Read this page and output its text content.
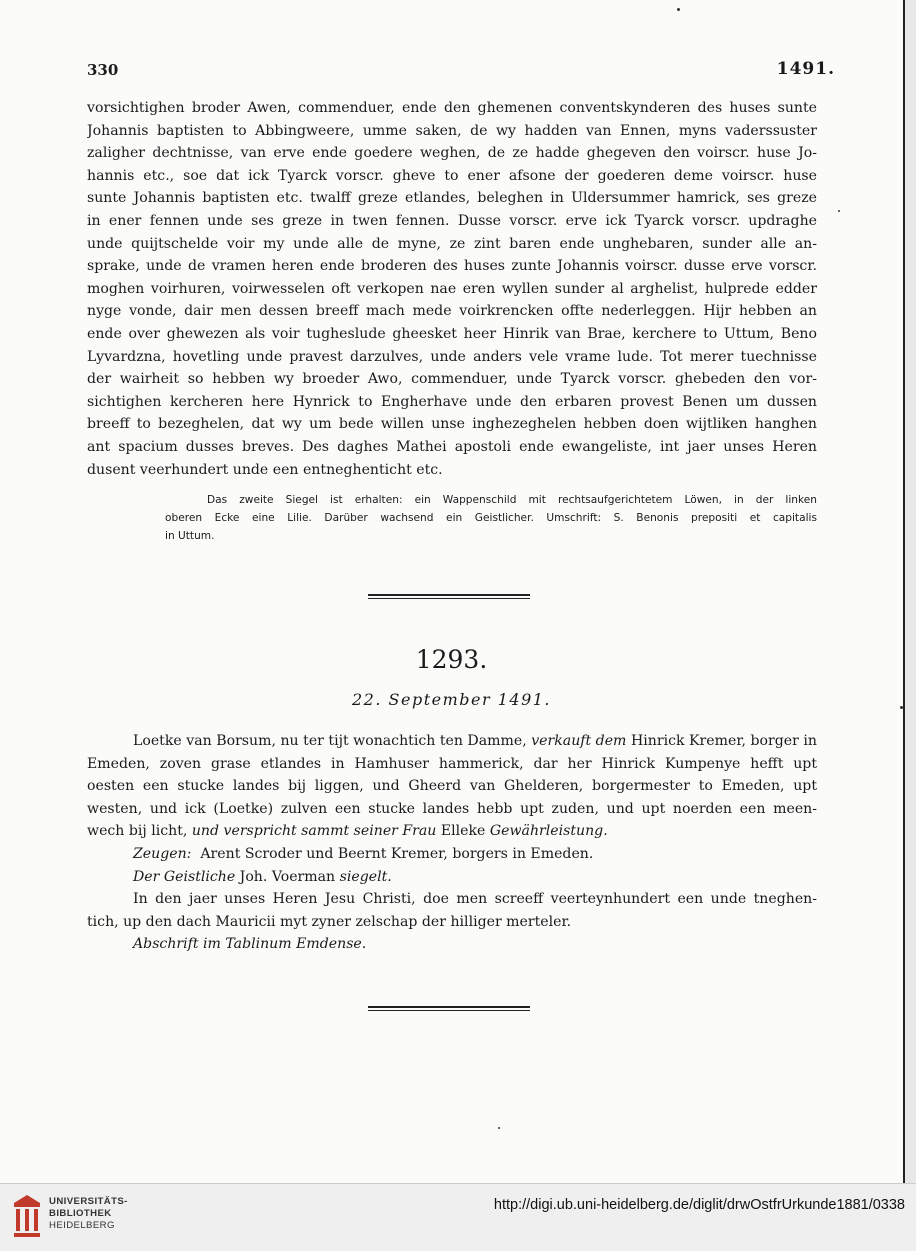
330	1491.
vorsichtighen broder Awen, commenduer, ende den ghemenen conventskynderen des huses sunte
Johannis baptisten to Abbingweere, umme saken, de wy hadden van Ennen, myns vaderssuster
zaligher dechtnisse, van erve ende goedere weghen, de ze hadde ghegeven den voirscr. huse Jo-
hannis etc., soe dat ick Tyarck vorscr. gheve to ener afsone der goederen deme voirscr. huse
sunte Johannis baptisten etc. twalff greze etlandes, beleghen in Uldersummer hamrick, ses greze
in ener fennen unde ses greze in twen fennen. Dusse vorscr. erve ick Tyarck vorscr. updraghe
unde quijtschelde voir my unde alle de myne, ze zint baren ende unghebaren, sunder alle an-
sprake, unde de vramen heren ende broderen des huses zunte Johannis voirscr. dusse erve vorscr.
moghen voirhuren, voirwesselen oft verkopen nae eren wyllen sunder al arghelist, hulprede edder
nyge vonde, dair men dessen breeff mach mede voirkrencken offte nederleggen. Hijr hebben an
ende over ghewezen als voir tugheslude gheesket heer Hinrik van Brae, kerchere to Uttum, Beno
Lyvardzna, hovetling unde pravest darzulves, unde anders vele vrame lude. Tot merer tuechnisse
der wairheit so hebben wy broeder Awo, commenduer, unde Tyarck vorscr. ghebeden den vor-
sichtighen kercheren here Hynrick to Engherhave unde den erbaren provest Benen um dussen
breeff to bezeghelen, dat wy um bede willen unse inghezeghelen hebben doen wijtliken hanghen
ant spacium dusses breves. Des daghes Mathei apostoli ende ewangeliste, int jaer unses Heren
dusent veerhundert unde een entneghenticht etc.
Das zweite Siegel ist erhalten: ein Wappenschild mit rechtsaufgerichtetem Löwen, in der linken
oberen Ecke eine Lilie. Darüber wachsend ein Geistlicher. Umschrift: S. Benonis prepositi et capitalis
in Uttum.
1293.
22. September 1491.
Loetke van Borsum, nu ter tijt wonachtich ten Damme, verkauft dem Hinrick Kremer, borger in
Emeden, zoven grase etlandes in Hamhuser hammerick, dar her Hinrick Kumpenye hefft upt
oesten een stucke landes bij liggen, und Gheerd van Ghelderen, borgermester to Emeden, upt
westen, und ick (Loetke) zulven een stucke landes hebb upt zuden, und upt noerden een meen-
wech bij licht, und verspricht sammt seiner Frau Elleke Gewährleistung.
Zeugen: Arent Scroder und Beernt Kremer, borgers in Emeden.
Der Geistliche Joh. Voerman siegelt.
In den jaer unses Heren Jesu Christi, doe men screeff veerteynhundert een unde tneghen-
tich, up den dach Mauricii myt zyner zelschap der hilliger merteler.
Abschrift im Tablinum Emdense.
UNIVERSITÄTS-
BIBLIOTHEK
HEIDELBERG
http://digi.ub.uni-heidelberg.de/diglit/drwOstfrUrkunde1881/0338
